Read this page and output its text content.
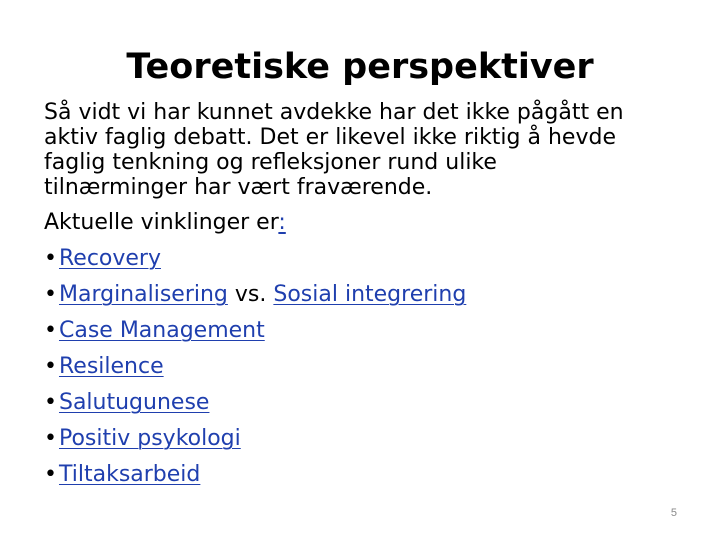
Teoretiske perspektiver
Så vidt vi har kunnet avdekke har det ikke pågått en
aktiv faglig debatt. Det er likevel ikke riktig å hevde
faglig tenkning og refleksjoner rund ulike
tilnærminger har vært fraværende.
Aktuelle vinklinger er:
•Recovery
•Marginalisering vs. Sosial integrering
•Case Management
•Resilence
•Salutugunese
•Positiv psykologi
•Tiltaksarbeid
5
